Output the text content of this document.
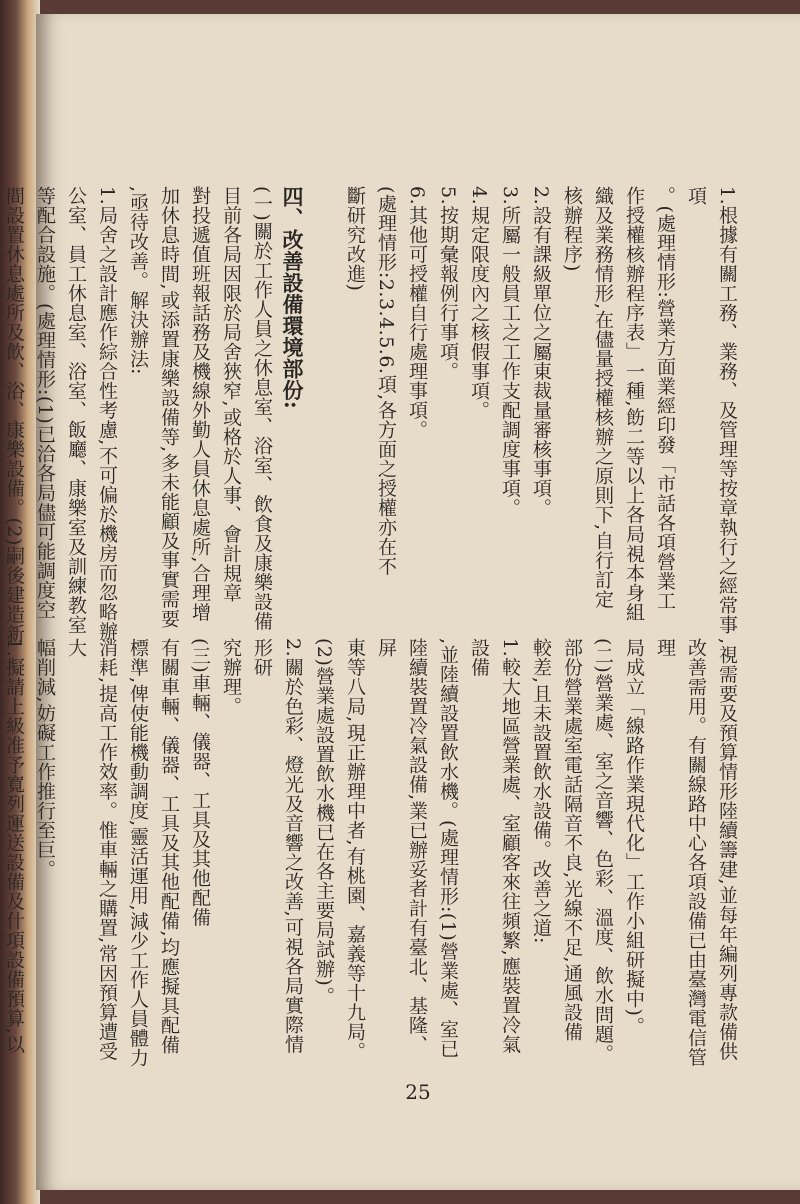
1.根據有關工務、業務、及管理等按章執行之經常事項
。(處理情形:營業方面業經印發「市話各項營業工
作授權核辦程序表」一種,飭二等以上各局視本身組
織及業務情形,在儘量授權核辦之原則下,自行訂定
核辦程序)
2.設有課級單位之屬東裁量審核事項。
3.所屬一般員工之工作支配調度事項。
4.規定限度內之核假事項。
5.按期彙報例行事項。
6.其他可授權自行處理事項。
(處理情形:2.3.4.5.6.項,各方面之授權亦在不
斷研究改進)

四、改善設備環境部份:
(一)關於工作人員之休息室、浴室、飲食及康樂設備
目前各局因限於局舍狹窄,或格於人事、會計規章
對投遞值班報話務及機線外勤人員休息處所,合理增
加休息時間,或添置康樂設備等,多未能顧及事實需要
,亟待改善。解決辦法:
1.局舍之設計應作綜合性考慮,不可偏於機房而忽略辦
公室、員工休息室、浴室、飯廳、康樂室及訓練教室
等配合設施。(處理情形:(1)已洽各局儘可能調度空
間設置休息處所及飲、浴、康樂設備。(2)嗣後建造新
,視需要及預算情形陸續籌建,並每年編列專款備供
改善需用。有關線路中心各項設備已由臺灣電信管理
局成立「線路作業現代化」工作小組研擬中)。
(二)營業處、室之音響、色彩、溫度、飲水問題。
部份營業處室電話隔音不良,光線不足,通風設備
較差,且未設置飲水設備。改善之道:
1.較大地區營業處、室顧客來往頻繁,應裝置冷氣設備
,並陸續設置飲水機。(處理情形:(1)營業處、室已
陸續裝置冷氣設備,業已辦妥者計有臺北、基隆、屏
東等八局,現正辦理中者,有桃園、嘉義等十九局。
(2)營業處設置飲水機已在各主要局試辦)。
2.關於色彩、燈光及音響之改善,可視各局實際情形研
究辦理。
(三)車輛、儀器、工具及其他配備
有關車輛、儀器、工具及其他配備,均應擬具配備
標準,俾使能機動調度,靈活運用,減少工作人員體力
消耗,提高工作效率。惟車輛之購置,常因預算遭受大
幅削減,妨礙工作推行至巨。
1.擬請上級准予寬列運送設備及什項設備預算,以
25
